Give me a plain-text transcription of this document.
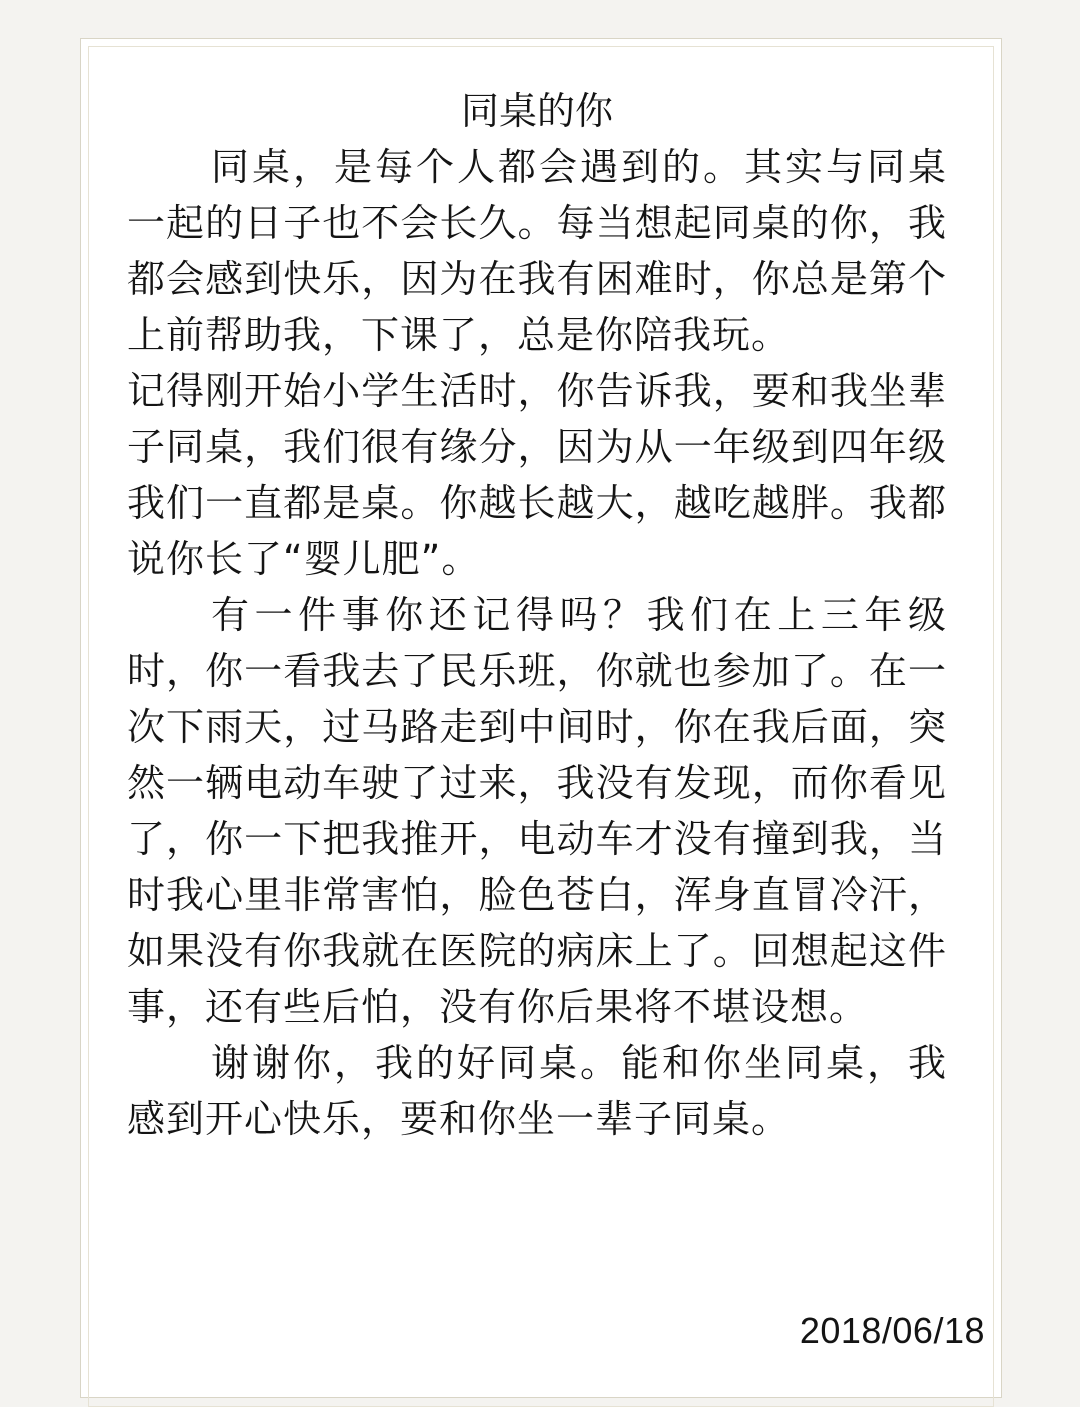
同桌的你

同桌，是每个人都会遇到的。其实与同桌一起的日子也不会长久。每当想起同桌的你，我都会感到快乐，因为在我有困难时，你总是第个上前帮助我，下课了，总是你陪我玩。

记得刚开始小学生活时，你告诉我，要和我坐辈子同桌，我们很有缘分，因为从一年级到四年级我们一直都是桌。你越长越大，越吃越胖。我都说你长了“婴儿肥”。

有一件事你还记得吗？我们在上三年级时，你一看我去了民乐班，你就也参加了。在一次下雨天，过马路走到中间时，你在我后面，突然一辆电动车驶了过来，我没有发现，而你看见了，你一下把我推开，电动车才没有撞到我，当时我心里非常害怕，脸色苍白，浑身直冒冷汗，如果没有你我就在医院的病床上了。回想起这件事，还有些后怕，没有你后果将不堪设想。

谢谢你，我的好同桌。能和你坐同桌，我感到开心快乐，要和你坐一辈子同桌。

2018/06/18
